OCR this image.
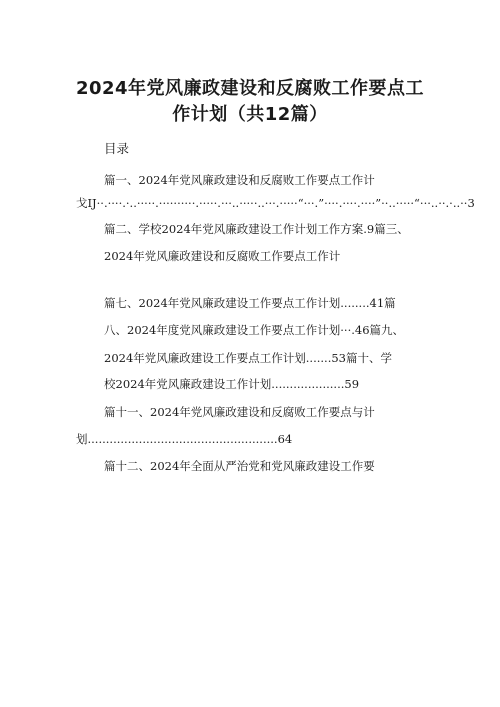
2024年党风廉政建设和反腐败工作要点工
作计划（共12篇）
目录
篇一、2024年党风廉政建设和反腐败工作要点工作计
戈IJ··.····.·..·····.··········.·····.···..·····..···.·····“···.”····.····.····”··..·····“···..··.·..··3
篇二、学校2024年党风廉政建设工作计划工作方案.9篇三、
2024年党风廉政建设和反腐败工作要点工作计
篇七、2024年党风廉政建设工作要点工作计划........41篇
八、2024年度党风廉政建设工作要点工作计划···.46篇九、
2024年党风廉政建设工作要点工作计划.......53篇十、学
校2024年党风廉政建设工作计划....................59
篇十一、2024年党风廉政建设和反腐败工作要点与计
划....................................................64
篇十二、2024年全面从严治党和党风廉政建设工作要
